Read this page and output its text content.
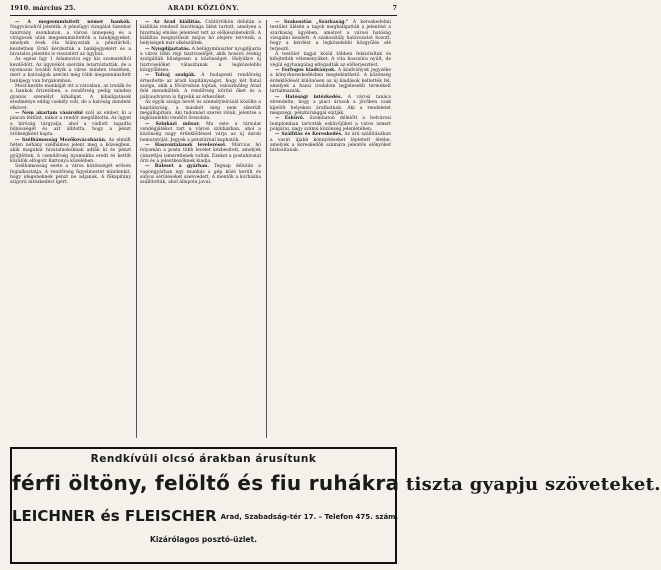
1910. március 25.	ARADI KÖZLÖNY.	7

— A megsemmisített német bankók. Nagyváradról jelentik: A pénzügyi vizsgálat tizenhat tanítvány szombaton, a városi ünnepség és a virágosok után megsemmisítették a bankjegyeket, amelyek évek óta hiányoztak a pénztárból; kezdetben Ernő kérdeztük a bankjegyekért és a hivatalos jelentés is visszatért az ügyhöz.

Az egész ügy 1 Adamovics egy kis szomszédtól kezdődött. Az ügynököt szerdán letartóztatták, de a nyomozás tovább folyik a város minden részében, mert a hatóságok szerint még több megsemmisített bankjegy van forgalomban.

Most-kezdte munkáját ott a városban, az irodák és a bankok őrizetében, a rendőrség pedig minden gyanús személyt kihallgat. A kihallgatások eredménye eddig csekély volt, de a hatóság mindent elkövet.

— Nem akartam vásárolni szól az ember, ki a piacon feltűnt, mikor a rendőr megállította. Az ügyet a bíróság tárgyalja, ahol a vádlott tagadta bűnösségét és azt állította, hogy a pénzt örökségként kapta.

— Szélhámosság Mezőkovácsházán. Az elmúlt héten néhány szélhámos jelent meg a községben, akik magukat hivatalnokoknak adták ki és pénzt gyűjtöttek. A csendőrség nyomukba eredt és kettőt közülük elfogott Battonya közelében.

Szélhámosság esete a város közönségét erősen foglalkoztatja. A rendőrség figyelmeztet mindenkit, hogy idegeneknek pénzt ne adjanak. A főkapitány szigorú intézkedést ígért.

— Az Arad kiállítás. Csütörtökön délután a kiállítás rendező bizottsága ülést tartott, amelyen a bizottság elnöke jelentést tett az előkészületekről. A kiállítás megnyitását május hó elejére tervezik, a helyiségek már elkészültek.

— Nyugdíjaztatás. A belügyminiszter nyugdíjazta a város több régi tisztviselőjét, akik hosszú évekig szolgálták hűségesen a közönséget. Helyükre új tisztviselőket választanak a legközelebbi közgyűlésen.

— Tolvaj szolgák. A budapesti rendőrség értesítette az aradi kapitányságot, hogy két fiatal szolga, akik a fővárosban loptak, valószínűleg Arad felé menekültek. A rendőrség körözi őket és a pályaudvaron is figyelik az érkezőket.

Az egyik szolga nevét és személyleírását közölte a kapitányság, a másikét még nem sikerült megállapítani. Aki tudomást szerez róluk, jelentse a legközelebbi rendőri őrszobán.

— Szinházi műsor. Ma este a társulat vendégjátékot tart a városi színházban, ahol a közönség nagy érdeklődéssel várja az új darab bemutatóját. Jegyek a pénztárnál kaphatók.

— Haszontalanok levelezései. Március hó folyamán a posta több levelet kézbesített, amelyek címzettjei ismeretlenek voltak. Ezeket a postahivatal őrzi és a jelentkezőknek kiadja.

— Baleset a gyárban. Tegnap délután a vagongyárban egy munkás a gép közé került és súlyos sérüléseket szenvedett. A mentők a kórházba szállították, ahol állapota javul.

— Szakosztás „Szarkaság." A kereskedelmi testület ülésén a tagok meghallgatták a jelentést a szarkaság ügyében, amelyet a városi hatóság vizsgálni kezdett. A szakosztály határozatot hozott, hogy a kérdést a legközelebbi közgyűlés elé terjeszti.

A testület tagjai közül többen felszólaltak és kifejtették véleményüket. A vita hosszúra nyúlt, de végül egyhangúlag elfogadták az előterjesztést.

— Forfogos kiadványok. A kiadványok jegyzéke a könyvkereskedésben megtekinthető. A közönség érdeklődését különösen az új kiadások keltették fel, amelyek a hazai irodalom legjelesebb termékeit tartalmazzák.

— Hatósági intézkedés. A városi tanács elrendelte, hogy a piaci árusok a jövőben csak kijelölt helyeken árulhatnak. Aki a rendeletet megszegi, pénzbírsággal sújtják.

— Esküvő. Szombaton délelőtt a belvárosi templomban tartották esküvőjüket a város ismert polgárai, nagy számú közönség jelenlétében.

— Szállítás és Kereskedés. Az árú szállításában a vasút újabb könnyítéseket léptetett életbe, amelyek a kereskedők számára jelentős előnyöket biztosítanak.

Rendkívüli olcsó árakban árusítunk
férfi öltöny, felöltő és fiu ruhákra tiszta gyapju szöveteket.
LEICHNER és FLEISCHER Arad, Szabadság-tér 17. – Telefon 475. szám.
Kizárólagos posztó-üzlet.
